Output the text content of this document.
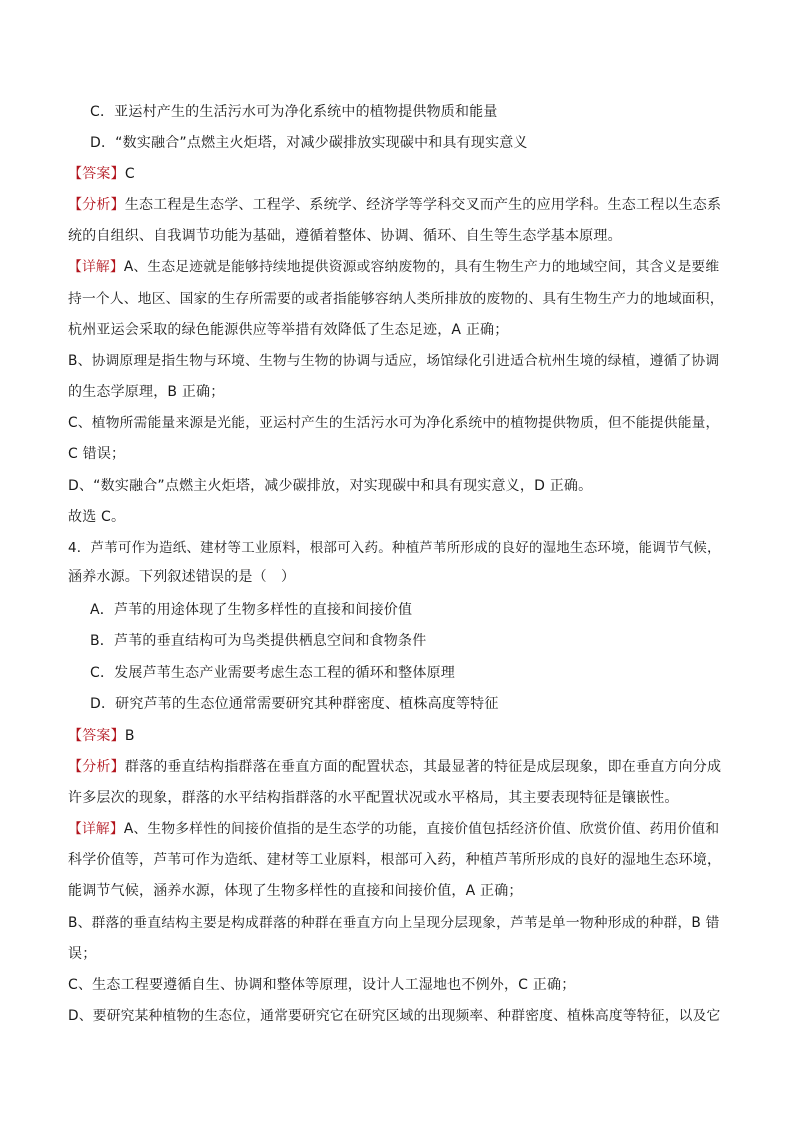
C．亚运村产生的生活污水可为净化系统中的植物提供物质和能量
D．“数实融合”点燃主火炬塔，对减少碳排放实现碳中和具有现实意义
【答案】C
【分析】生态工程是生态学、工程学、系统学、经济学等学科交叉而产生的应用学科。生态工程以生态系
统的自组织、自我调节功能为基础，遵循着整体、协调、循环、自生等生态学基本原理。
【详解】A、生态足迹就是能够持续地提供资源或容纳废物的，具有生物生产力的地域空间，其含义是要维
持一个人、地区、国家的生存所需要的或者指能够容纳人类所排放的废物的、具有生物生产力的地域面积，
杭州亚运会采取的绿色能源供应等举措有效降低了生态足迹，A 正确；
B、协调原理是指生物与环境、生物与生物的协调与适应，场馆绿化引进适合杭州生境的绿植，遵循了协调
的生态学原理，B 正确；
C、植物所需能量来源是光能，亚运村产生的生活污水可为净化系统中的植物提供物质，但不能提供能量，
C 错误；
D、“数实融合”点燃主火炬塔，减少碳排放，对实现碳中和具有现实意义，D 正确。
故选 C。
4．芦苇可作为造纸、建材等工业原料，根部可入药。种植芦苇所形成的良好的湿地生态环境，能调节气候，
涵养水源。下列叙述错误的是（　）
A．芦苇的用途体现了生物多样性的直接和间接价值
B．芦苇的垂直结构可为鸟类提供栖息空间和食物条件
C．发展芦苇生态产业需要考虑生态工程的循环和整体原理
D．研究芦苇的生态位通常需要研究其种群密度、植株高度等特征
【答案】B
【分析】群落的垂直结构指群落在垂直方面的配置状态，其最显著的特征是成层现象，即在垂直方向分成
许多层次的现象，群落的水平结构指群落的水平配置状况或水平格局，其主要表现特征是镶嵌性。
【详解】A、生物多样性的间接价值指的是生态学的功能，直接价值包括经济价值、欣赏价值、药用价值和
科学价值等，芦苇可作为造纸、建材等工业原料，根部可入药，种植芦苇所形成的良好的湿地生态环境，
能调节气候，涵养水源，体现了生物多样性的直接和间接价值，A 正确；
B、群落的垂直结构主要是构成群落的种群在垂直方向上呈现分层现象，芦苇是单一物种形成的种群，B 错
误；
C、生态工程要遵循自生、协调和整体等原理，设计人工湿地也不例外，C 正确；
D、要研究某种植物的生态位，通常要研究它在研究区域的出现频率、种群密度、植株高度等特征，以及它
